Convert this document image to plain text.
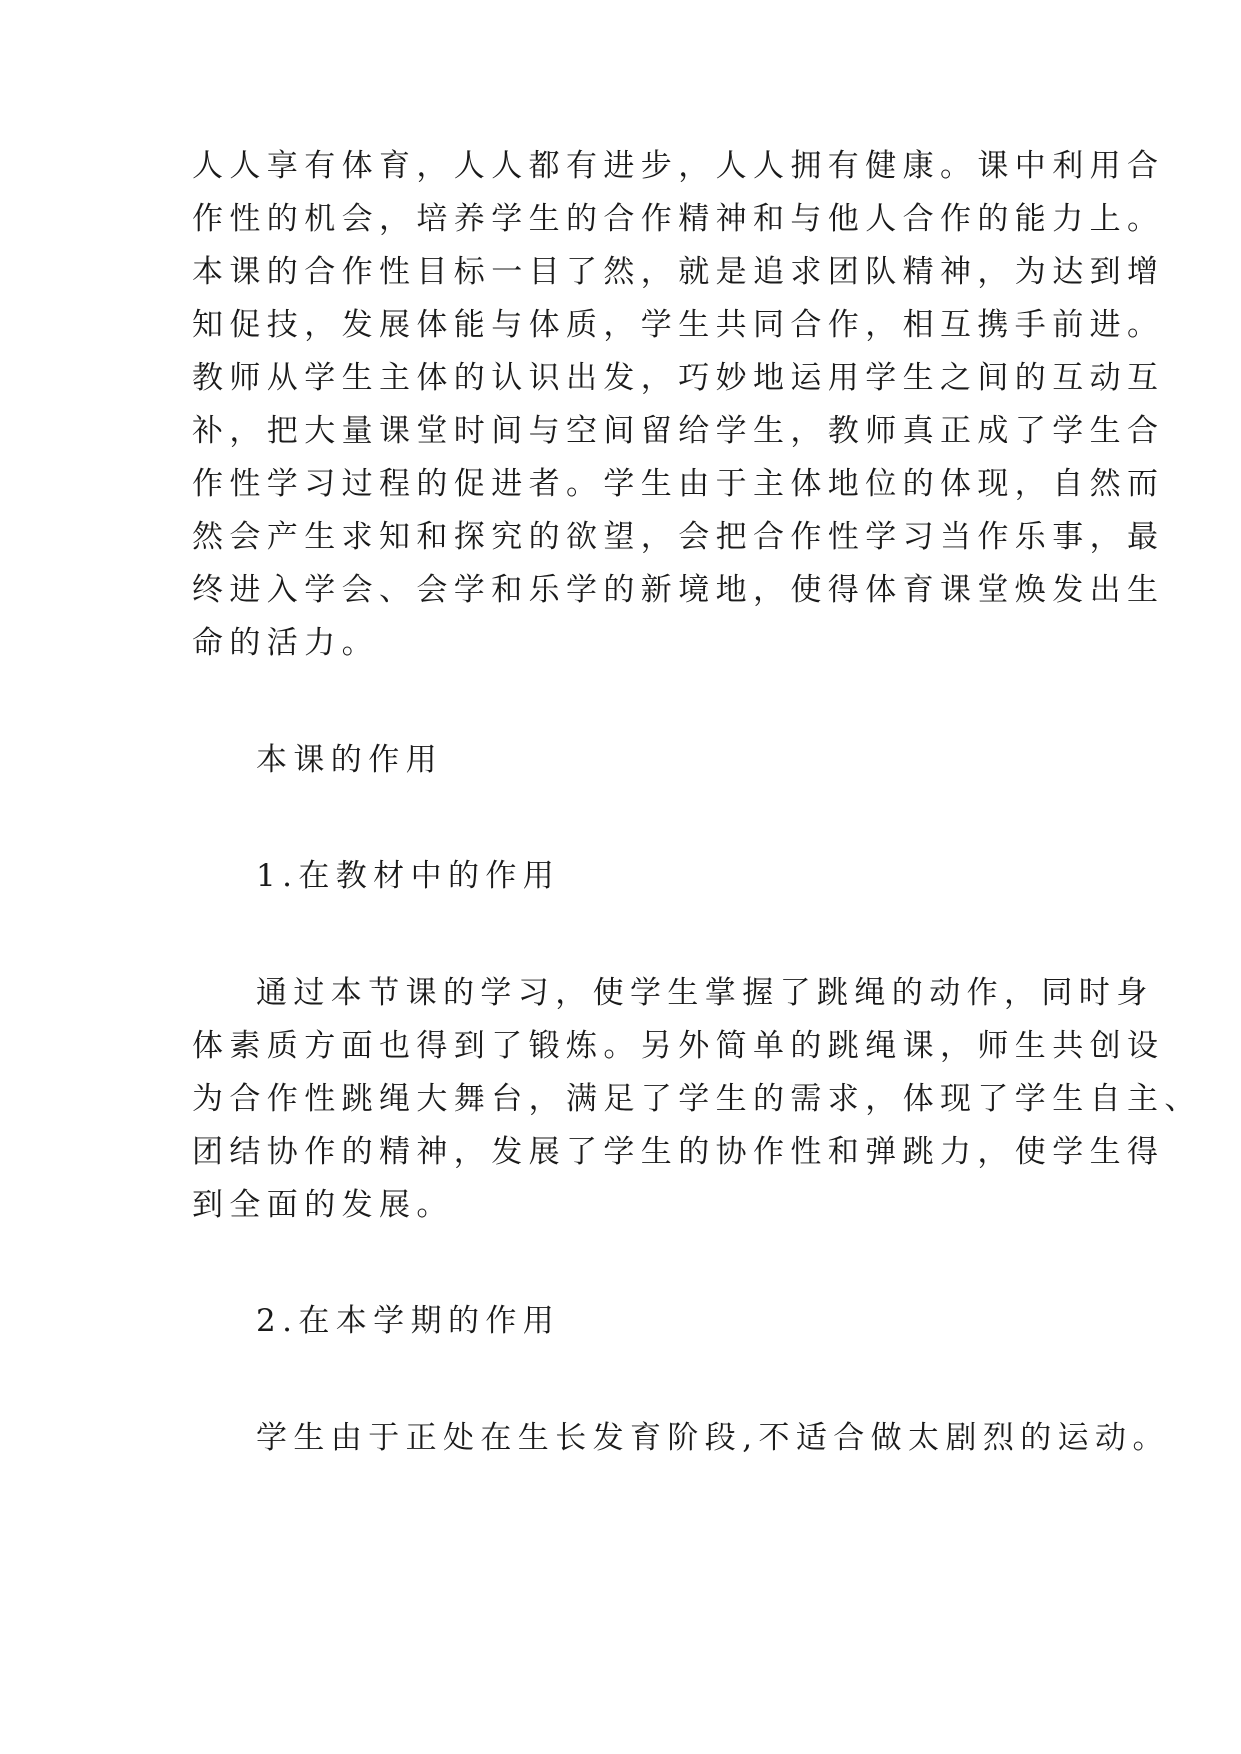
人人享有体育，人人都有进步，人人拥有健康。课中利用合
作性的机会，培养学生的合作精神和与他人合作的能力上。
本课的合作性目标一目了然，就是追求团队精神，为达到增
知促技，发展体能与体质，学生共同合作，相互携手前进。
教师从学生主体的认识出发，巧妙地运用学生之间的互动互
补，把大量课堂时间与空间留给学生，教师真正成了学生合
作性学习过程的促进者。学生由于主体地位的体现，自然而
然会产生求知和探究的欲望，会把合作性学习当作乐事，最
终进入学会、会学和乐学的新境地，使得体育课堂焕发出生
命的活力。
本课的作用
1.在教材中的作用
通过本节课的学习，使学生掌握了跳绳的动作，同时身
体素质方面也得到了锻炼。另外简单的跳绳课，师生共创设
为合作性跳绳大舞台，满足了学生的需求，体现了学生自主、
团结协作的精神，发展了学生的协作性和弹跳力，使学生得
到全面的发展。
2.在本学期的作用
学生由于正处在生长发育阶段,不适合做太剧烈的运动。
